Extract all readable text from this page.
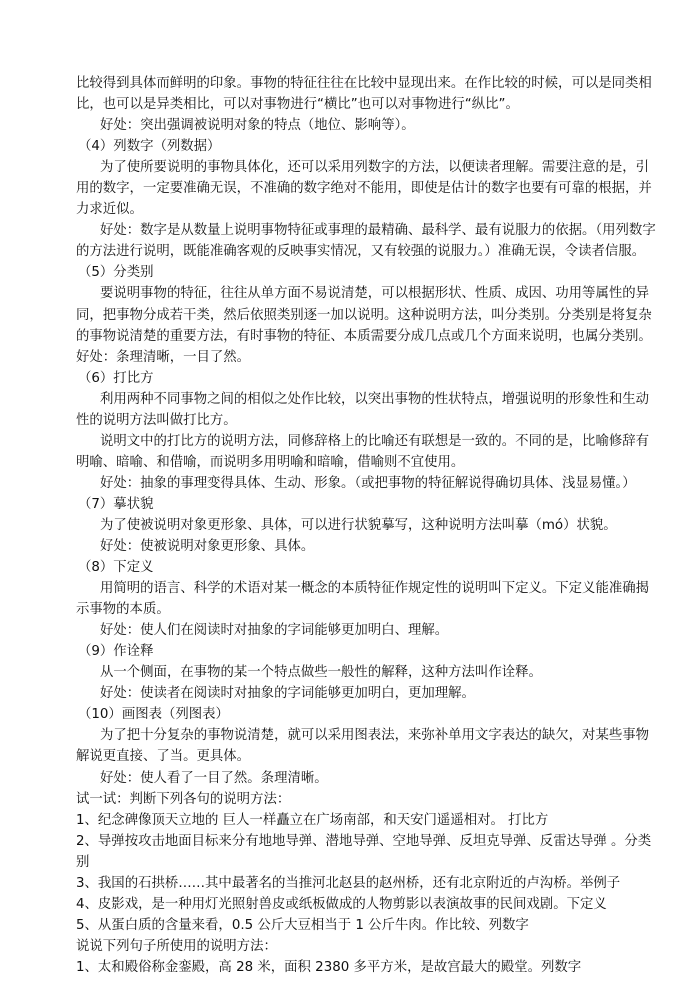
比较得到具体而鲜明的印象。事物的特征往往在比较中显现出来。在作比较的时候，可以是同类相
比，也可以是异类相比，可以对事物进行“横比”也可以对事物进行“纵比”。
好处：突出强调被说明对象的特点（地位、影响等）。
（4）列数字（列数据）
为了使所要说明的事物具体化，还可以采用列数字的方法，以便读者理解。需要注意的是，引
用的数字，一定要准确无误，不准确的数字绝对不能用，即使是估计的数字也要有可靠的根据，并
力求近似。
好处：数字是从数量上说明事物特征或事理的最精确、最科学、最有说服力的依据。（用列数字
的方法进行说明，既能准确客观的反映事实情况，又有较强的说服力。）准确无误，令读者信服。
（5）分类别
要说明事物的特征，往往从单方面不易说清楚，可以根据形状、性质、成因、功用等属性的异
同，把事物分成若干类，然后依照类别逐一加以说明。这种说明方法，叫分类别。分类别是将复杂
的事物说清楚的重要方法，有时事物的特征、本质需要分成几点或几个方面来说明，也属分类别。
好处：条理清晰，一目了然。
（6）打比方
利用两种不同事物之间的相似之处作比较，以突出事物的性状特点，增强说明的形象性和生动
性的说明方法叫做打比方。
说明文中的打比方的说明方法，同修辞格上的比喻还有联想是一致的。不同的是，比喻修辞有
明喻、暗喻、和借喻，而说明多用明喻和暗喻，借喻则不宜使用。
好处：抽象的事理变得具体、生动、形象。（或把事物的特征解说得确切具体、浅显易懂。）
（7）摹状貌
为了使被说明对象更形象、具体，可以进行状貌摹写，这种说明方法叫摹（mó）状貌。
好处：使被说明对象更形象、具体。
（8）下定义
用简明的语言、科学的术语对某一概念的本质特征作规定性的说明叫下定义。下定义能准确揭
示事物的本质。
好处：使人们在阅读时对抽象的字词能够更加明白、理解。
（9）作诠释
从一个侧面，在事物的某一个特点做些一般性的解释，这种方法叫作诠释。
好处：使读者在阅读时对抽象的字词能够更加明白，更加理解。
（10）画图表（列图表）
为了把十分复杂的事物说清楚，就可以采用图表法，来弥补单用文字表达的缺欠，对某些事物
解说更直接、了当。更具体。
好处：使人看了一目了然。条理清晰。
试一试：判断下列各句的说明方法：
1、纪念碑像顶天立地的 巨人一样矗立在广场南部，和天安门遥遥相对。 打比方
2、导弹按攻击地面目标来分有地地导弹、潜地导弹、空地导弹、反坦克导弹、反雷达导弹 。分类
别
3、我国的石拱桥……其中最著名的当推河北赵县的赵州桥，还有北京附近的卢沟桥。举例子
4、皮影戏，是一种用灯光照射兽皮或纸板做成的人物剪影以表演故事的民间戏剧。下定义
5、从蛋白质的含量来看，0.5 公斤大豆相当于 1 公斤牛肉。作比较、列数字
说说下列句子所使用的说明方法：
1、太和殿俗称金銮殿，高 28 米，面积 2380 多平方米，是故宫最大的殿堂。列数字
